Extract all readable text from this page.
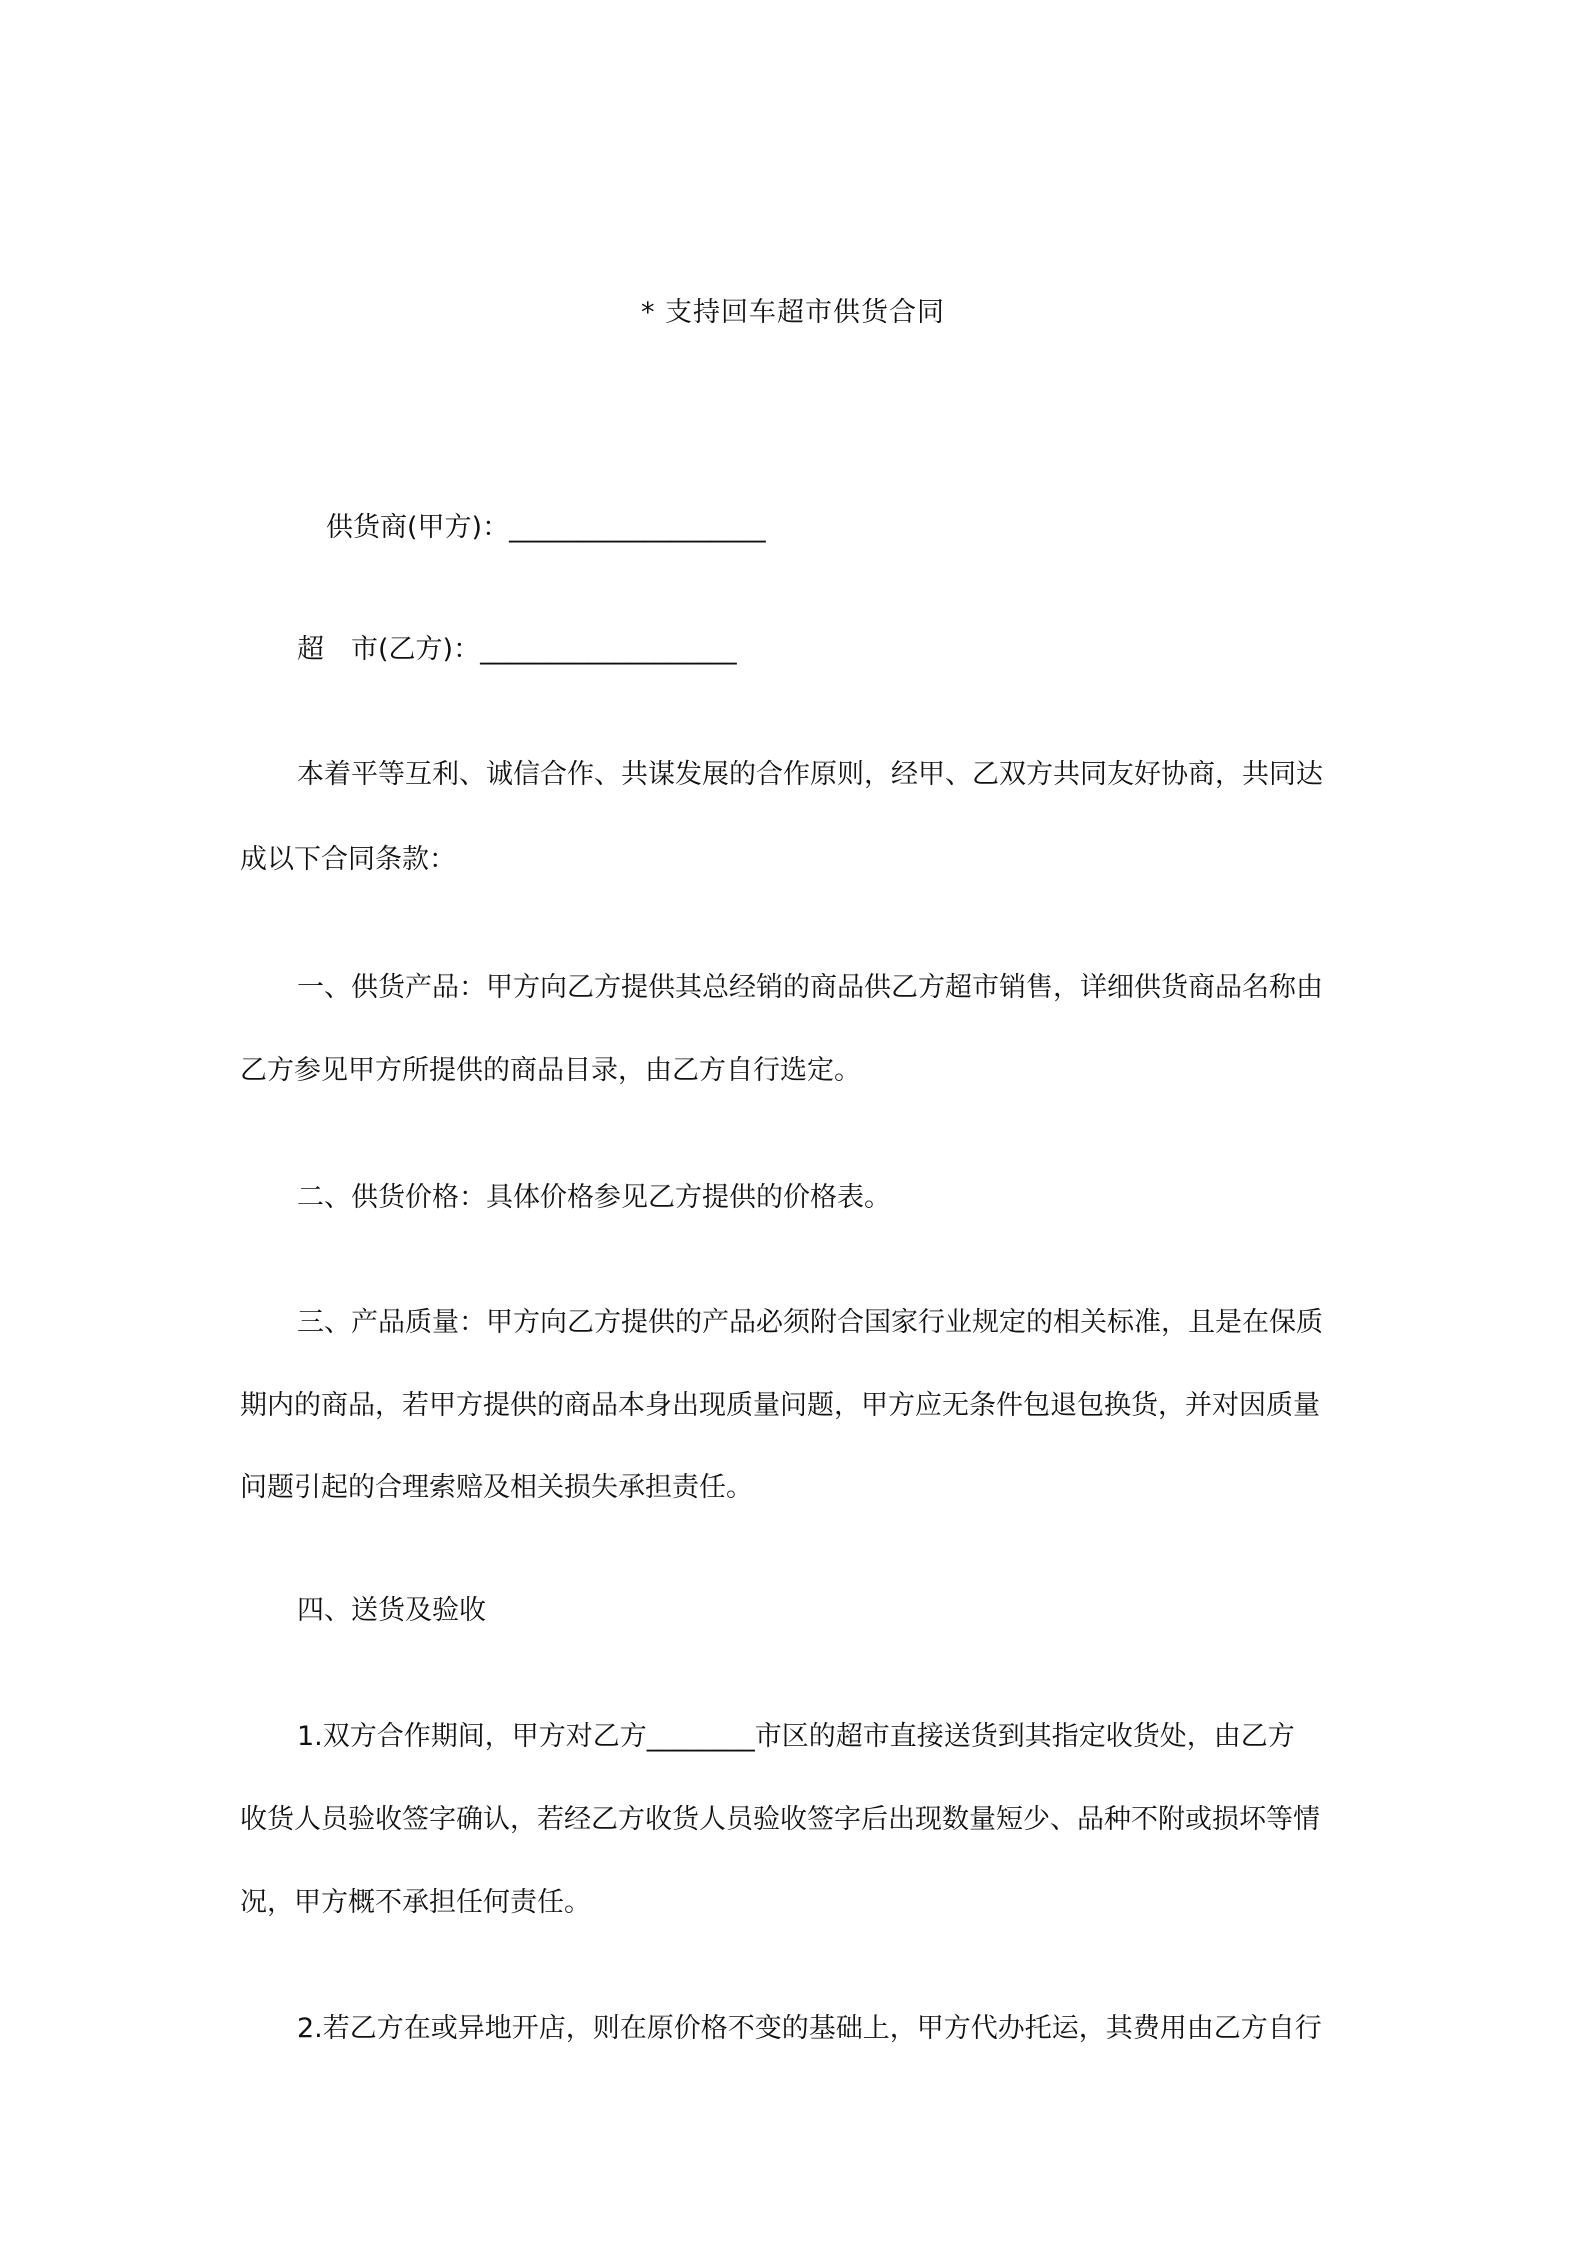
* 支持回车超市供货合同
供货商(甲方)：___________________
超　市(乙方)：___________________
本着平等互利、诚信合作、共谋发展的合作原则，经甲、乙双方共同友好协商，共同达
成以下合同条款：
一、供货产品：甲方向乙方提供其总经销的商品供乙方超市销售，详细供货商品名称由
乙方参见甲方所提供的商品目录，由乙方自行选定。
二、供货价格：具体价格参见乙方提供的价格表。
三、产品质量：甲方向乙方提供的产品必须附合国家行业规定的相关标准，且是在保质
期内的商品，若甲方提供的商品本身出现质量问题，甲方应无条件包退包换货，并对因质量
问题引起的合理索赔及相关损失承担责任。
四、送货及验收
1.双方合作期间，甲方对乙方________市区的超市直接送货到其指定收货处，由乙方
收货人员验收签字确认，若经乙方收货人员验收签字后出现数量短少、品种不附或损坏等情
况，甲方概不承担任何责任。
2.若乙方在或异地开店，则在原价格不变的基础上，甲方代办托运，其费用由乙方自行
